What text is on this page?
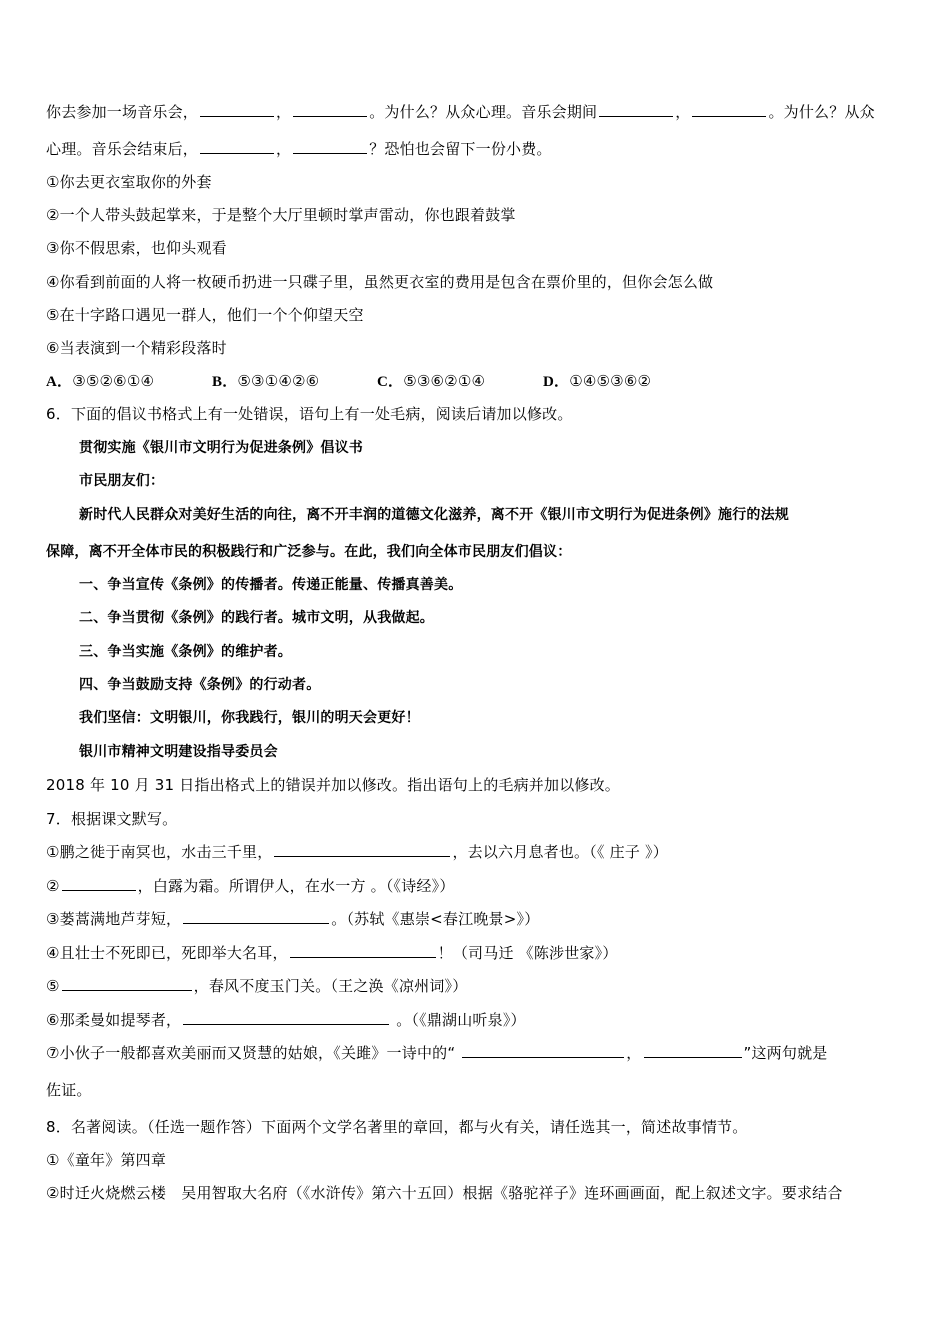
你去参加一场音乐会，	，	。为什么？从众心理。音乐会期间	，	。为什么？从众
心理。音乐会结束后，	，	？恐怕也会留下一份小费。
①你去更衣室取你的外套
②一个人带头鼓起掌来，于是整个大厅里顿时掌声雷动，你也跟着鼓掌
③你不假思索，也仰头观看
④你看到前面的人将一枚硬币扔进一只碟子里，虽然更衣室的费用是包含在票价里的，但你会怎么做
⑤在十字路口遇见一群人，他们一个个仰望天空
⑥当表演到一个精彩段落时
A．③⑤②⑥①④	B．⑤③①④②⑥	C．⑤③⑥②①④	D．①④⑤③⑥②
6．下面的倡议书格式上有一处错误，语句上有一处毛病，阅读后请加以修改。
贯彻实施《银川市文明行为促进条例》倡议书
市民朋友们：
新时代人民群众对美好生活的向往，离不开丰润的道德文化滋养，离不开《银川市文明行为促进条例》施行的法规
保障，离不开全体市民的积极践行和广泛参与。在此，我们向全体市民朋友们倡议：
一、争当宣传《条例》的传播者。传递正能量、传播真善美。
二、争当贯彻《条例》的践行者。城市文明，从我做起。
三、争当实施《条例》的维护者。
四、争当鼓励支持《条例》的行动者。
我们坚信：文明银川，你我践行，银川的明天会更好！
银川市精神文明建设指导委员会
2018 年 10 月 31 日指出格式上的错误并加以修改。指出语句上的毛病并加以修改。
7．根据课文默写。
①鹏之徙于南冥也，水击三千里，	，去以六月息者也。（《 庄子 》）
②	，白露为霜。所谓伊人，在水一方 。（《诗经》）
③蒌蒿满地芦芽短，	。（苏轼《惠崇<春江晚景>》）
④且壮士不死即已，死即举大名耳，	！（司马迁 《陈涉世家》）
⑤	，春风不度玉门关。（王之涣《凉州词》）
⑥那柔曼如提琴者，	。（《鼎湖山听泉》）
⑦小伙子一般都喜欢美丽而又贤慧的姑娘，《关雎》一诗中的“	，	”这两句就是
佐证。
8．名著阅读。（任选一题作答）下面两个文学名著里的章回，都与火有关，请任选其一，简述故事情节。
①《童年》第四章
②时迁火烧燃云楼　吴用智取大名府（《水浒传》第六十五回）根据《骆驼祥子》连环画画面，配上叙述文字。要求结合
